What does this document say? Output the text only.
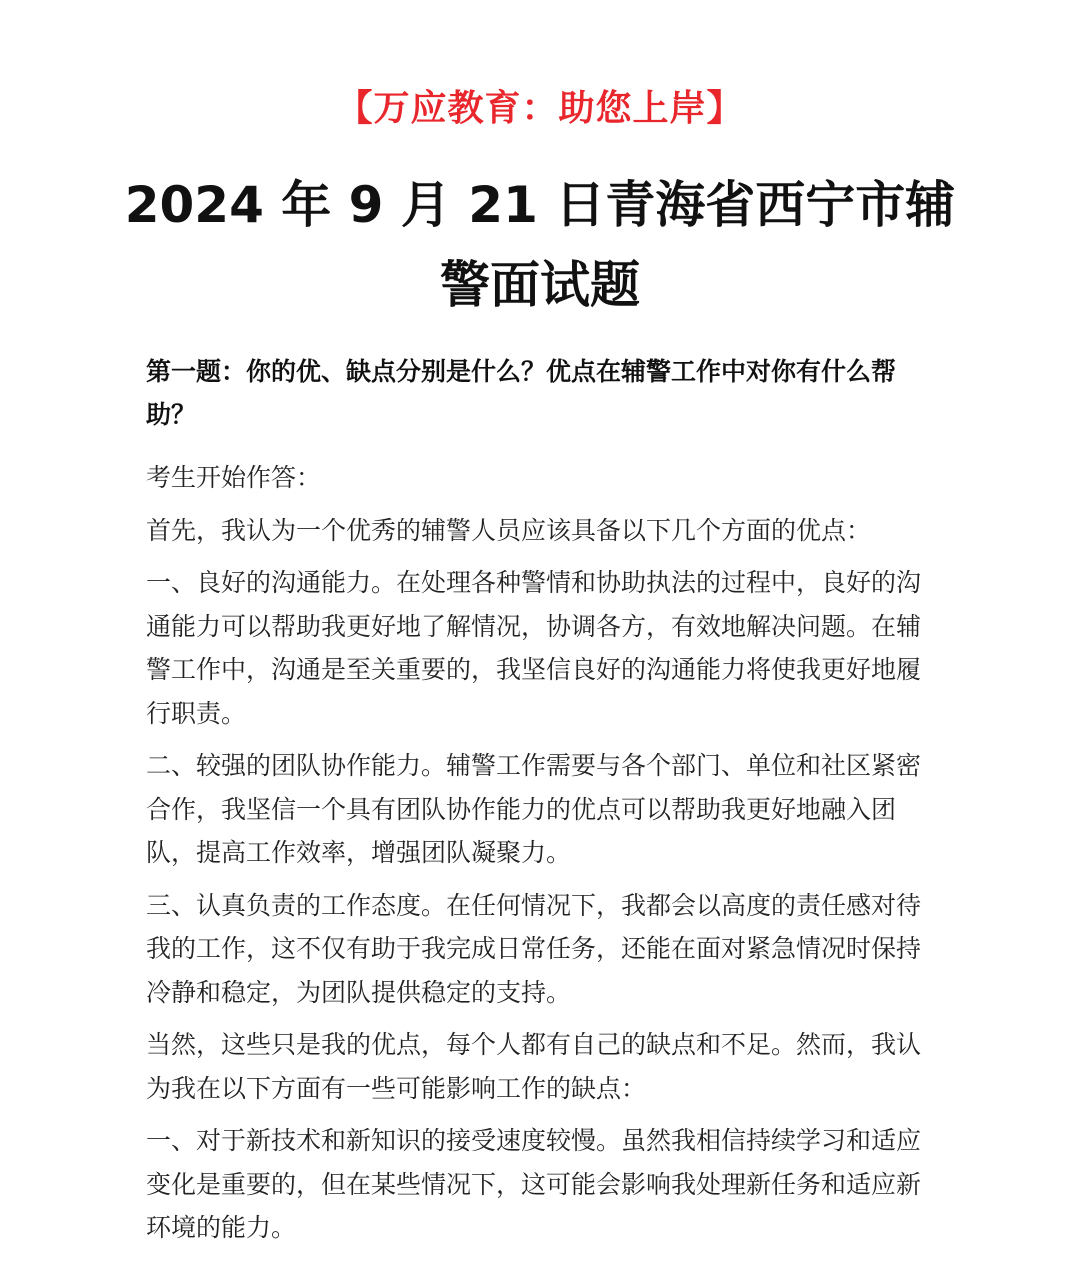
【万应教育：助您上岸】
2024 年 9 月 21 日青海省西宁市辅警面试题

第一题：你的优、缺点分别是什么？优点在辅警工作中对你有什么帮助？

考生开始作答：

首先，我认为一个优秀的辅警人员应该具备以下几个方面的优点：

一、良好的沟通能力。在处理各种警情和协助执法的过程中，良好的沟通能力可以帮助我更好地了解情况，协调各方，有效地解决问题。在辅警工作中，沟通是至关重要的，我坚信良好的沟通能力将使我更好地履行职责。

二、较强的团队协作能力。辅警工作需要与各个部门、单位和社区紧密合作，我坚信一个具有团队协作能力的优点可以帮助我更好地融入团队，提高工作效率，增强团队凝聚力。

三、认真负责的工作态度。在任何情况下，我都会以高度的责任感对待我的工作，这不仅有助于我完成日常任务，还能在面对紧急情况时保持冷静和稳定，为团队提供稳定的支持。

当然，这些只是我的优点，每个人都有自己的缺点和不足。然而，我认为我在以下方面有一些可能影响工作的缺点：

一、对于新技术和新知识的接受速度较慢。虽然我相信持续学习和适应变化是重要的，但在某些情况下，这可能会影响我处理新任务和适应新环境的能力。
